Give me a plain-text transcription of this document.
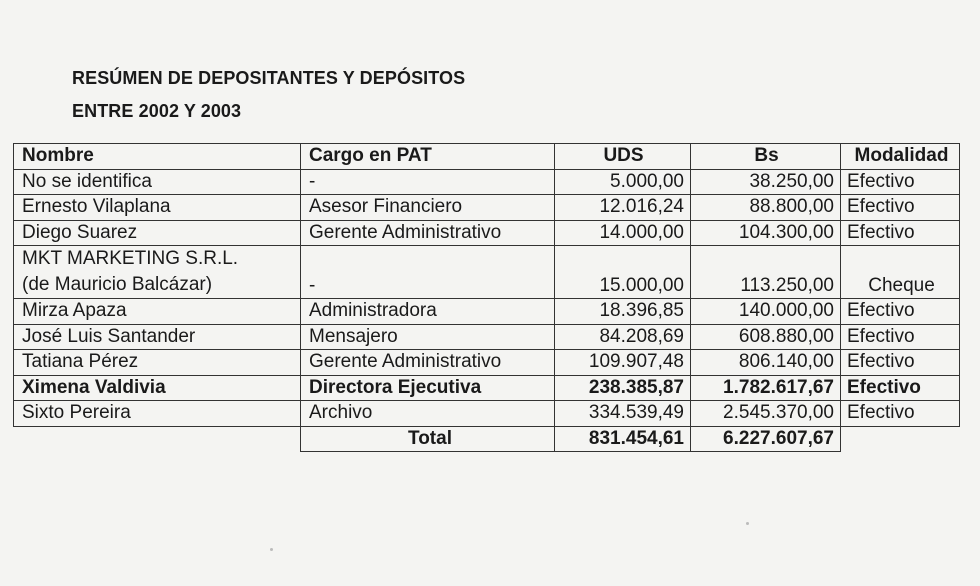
RESÚMEN DE DEPOSITANTES Y DEPÓSITOS
ENTRE 2002 Y 2003
Nombre	Cargo en PAT	UDS	Bs	Modalidad
No se identifica	-	5.000,00	38.250,00	Efectivo
Ernesto Vilaplana	Asesor Financiero	12.016,24	88.800,00	Efectivo
Diego Suarez	Gerente Administrativo	14.000,00	104.300,00	Efectivo

MKT MARKETING S.R.L.
(de Mauricio Balcázar)	-	15.000,00	113.250,00	Cheque
Mirza Apaza	Administradora	18.396,85	140.000,00	Efectivo
José Luis Santander	Mensajero	84.208,69	608.880,00	Efectivo
Tatiana Pérez	Gerente Administrativo	109.907,48	806.140,00	Efectivo
Ximena Valdivia	Directora Ejecutiva	238.385,87	1.782.617,67	Efectivo
Sixto Pereira	Archivo	334.539,49	2.545.370,00	Efectivo
	Total	831.454,61	6.227.607,67	
